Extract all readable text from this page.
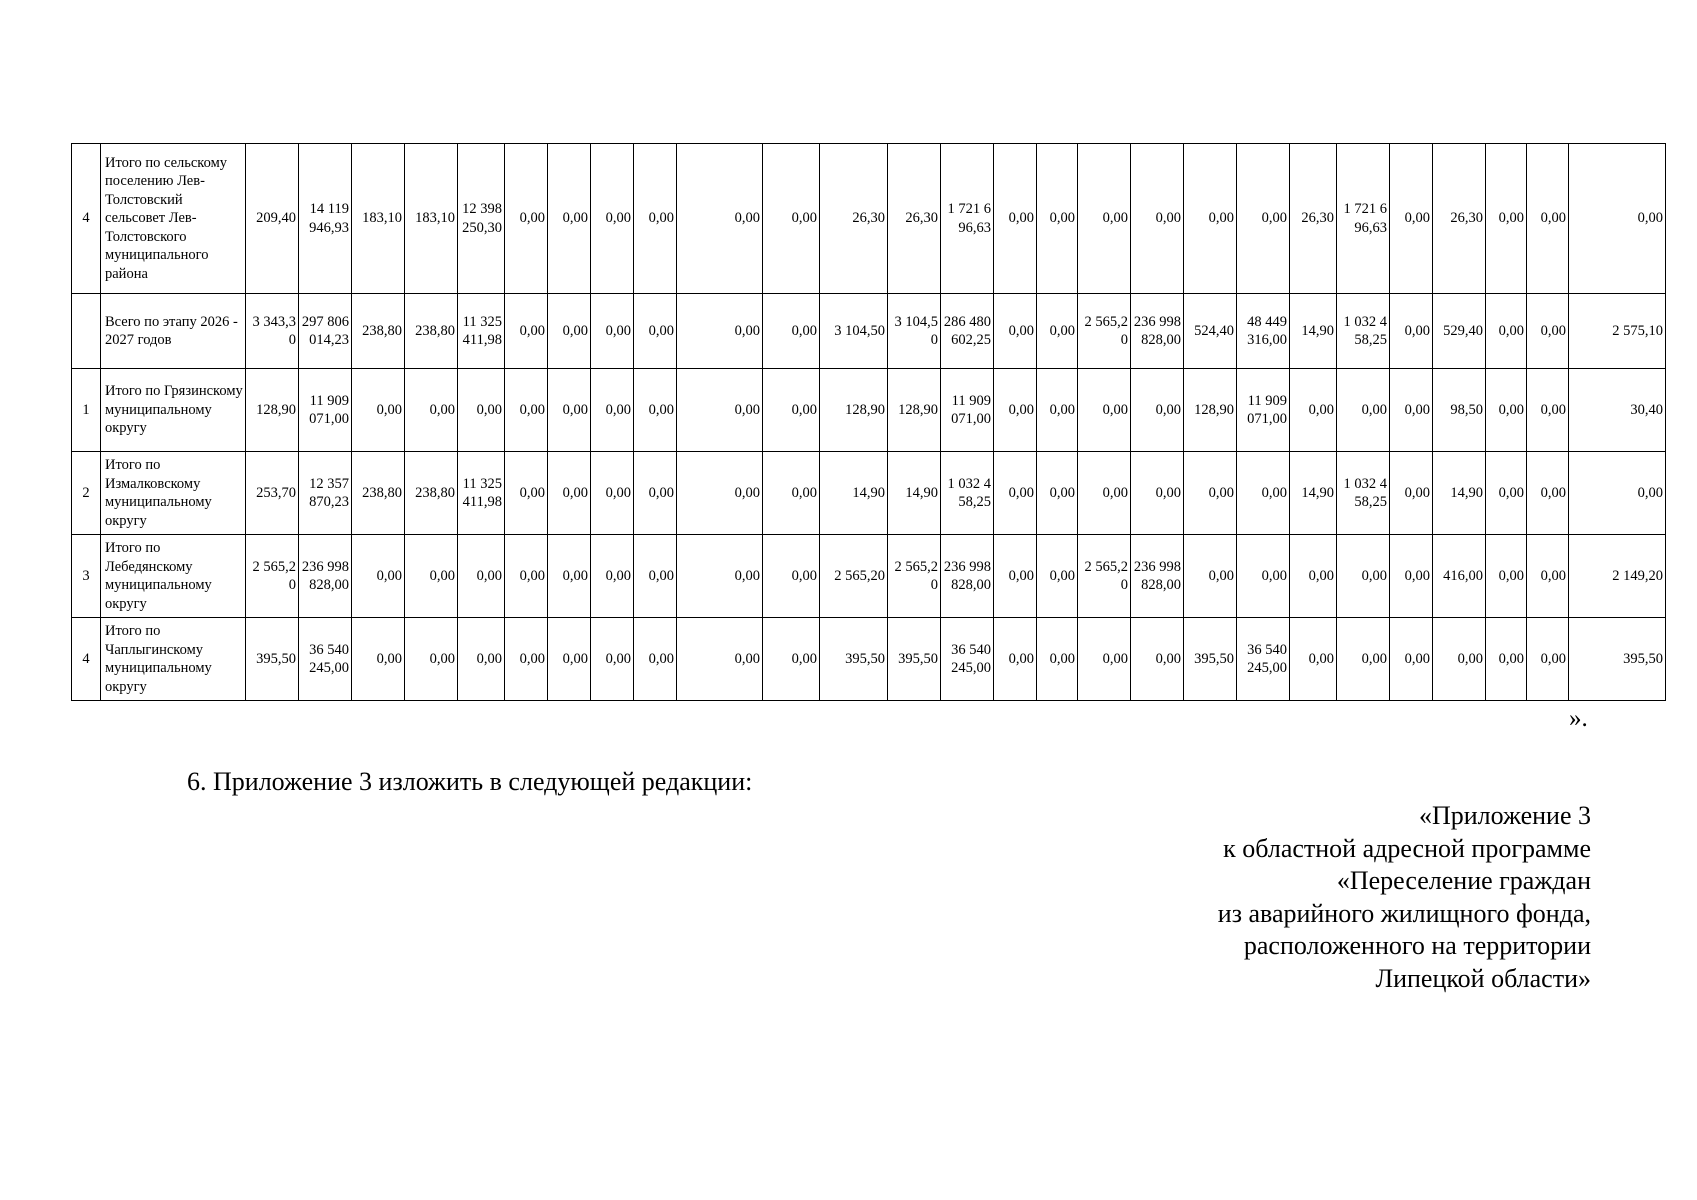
4	Итого по сельскому поселению Лев-Толстовский сельсовет Лев-Толстовского муниципального района	209,40	14 119 946,93	183,10	183,10	12 398 250,30	0,00	0,00	0,00	0,00	0,00	0,00	26,30	26,30	1 721 696,63	0,00	0,00	0,00	0,00	0,00	0,00	26,30	1 721 696,63	0,00	26,30	0,00	0,00	0,00
	Всего по этапу 2026 - 2027 годов	3 343,30	297 806 014,23	238,80	238,80	11 325 411,98	0,00	0,00	0,00	0,00	0,00	0,00	3 104,50	3 104,50	286 480 602,25	0,00	0,00	2 565,20	236 998 828,00	524,40	48 449 316,00	14,90	1 032 458,25	0,00	529,40	0,00	0,00	2 575,10
1	Итого по Грязинскому муниципальному округу	128,90	11 909 071,00	0,00	0,00	0,00	0,00	0,00	0,00	0,00	0,00	0,00	128,90	128,90	11 909 071,00	0,00	0,00	0,00	0,00	128,90	11 909 071,00	0,00	0,00	0,00	98,50	0,00	0,00	30,40
2	Итого по Измалковскому муниципальному округу	253,70	12 357 870,23	238,80	238,80	11 325 411,98	0,00	0,00	0,00	0,00	0,00	0,00	14,90	14,90	1 032 458,25	0,00	0,00	0,00	0,00	0,00	0,00	14,90	1 032 458,25	0,00	14,90	0,00	0,00	0,00
3	Итого по Лебедянскому муниципальному округу	2 565,20	236 998 828,00	0,00	0,00	0,00	0,00	0,00	0,00	0,00	0,00	0,00	2 565,20	2 565,20	236 998 828,00	0,00	0,00	2 565,20	236 998 828,00	0,00	0,00	0,00	0,00	0,00	416,00	0,00	0,00	2 149,20
4	Итого по Чаплыгинскому муниципальному округу	395,50	36 540 245,00	0,00	0,00	0,00	0,00	0,00	0,00	0,00	0,00	0,00	395,50	395,50	36 540 245,00	0,00	0,00	0,00	0,00	395,50	36 540 245,00	0,00	0,00	0,00	0,00	0,00	0,00	395,50
».
6. Приложение 3 изложить в следующей редакции:
«Приложение 3
к областной адресной программе
«Переселение граждан
из аварийного жилищного фонда,
расположенного на территории
Липецкой области»
